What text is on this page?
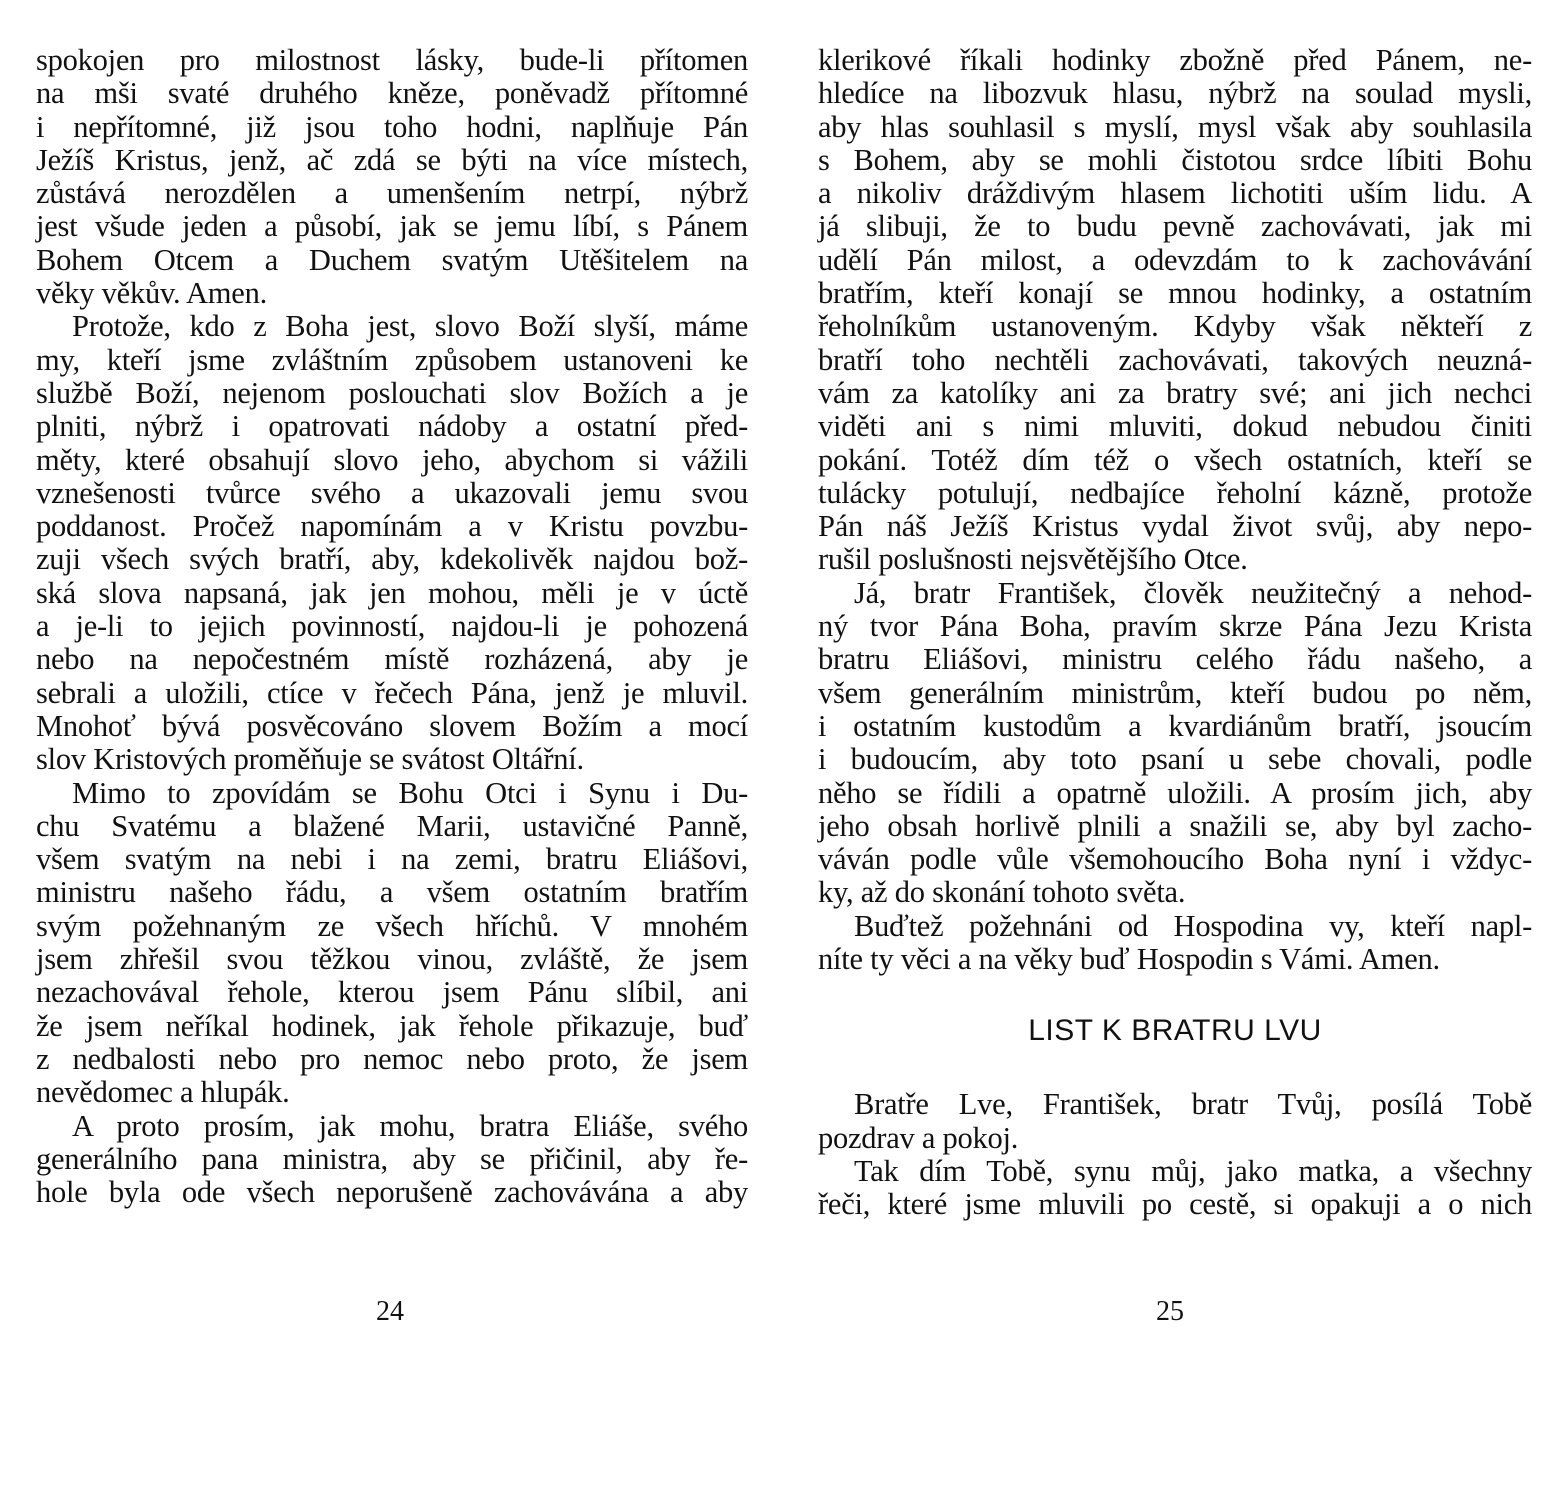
spokojen pro milostnost lásky, bude-li přítomen
na mši svaté druhého kněze, poněvadž přítomné
i nepřítomné, již jsou toho hodni, naplňuje Pán
Ježíš Kristus, jenž, ač zdá se býti na více místech,
zůstává nerozdělen a umenšením netrpí, nýbrž
jest všude jeden a působí, jak se jemu líbí, s Pánem
Bohem Otcem a Duchem svatým Utěšitelem na
věky věkův. Amen.

Protože, kdo z Boha jest, slovo Boží slyší, máme
my, kteří jsme zvláštním způsobem ustanoveni ke
službě Boží, nejenom poslouchati slov Božích a je
plniti, nýbrž i opatrovati nádoby a ostatní před-
měty, které obsahují slovo jeho, abychom si vážili
vznešenosti tvůrce svého a ukazovali jemu svou
poddanost. Pročež napomínám a v Kristu povzbu-
zuji všech svých bratří, aby, kdekolivěk najdou bož-
ská slova napsaná, jak jen mohou, měli je v úctě
a je-li to jejich povinností, najdou-li je pohozená
nebo na nepočestném místě rozházená, aby je
sebrali a uložili, ctíce v řečech Pána, jenž je mluvil.
Mnohoť bývá posvěcováno slovem Božím a mocí
slov Kristových proměňuje se svátost Oltářní.

Mimo to zpovídám se Bohu Otci i Synu i Du-
chu Svatému a blažené Marii, ustavičné Panně,
všem svatým na nebi i na zemi, bratru Eliášovi,
ministru našeho řádu, a všem ostatním bratřím
svým požehnaným ze všech hříchů. V mnohém
jsem zhřešil svou těžkou vinou, zvláště, že jsem
nezachovával řehole, kterou jsem Pánu slíbil, ani
že jsem neříkal hodinek, jak řehole přikazuje, buď
z nedbalosti nebo pro nemoc nebo proto, že jsem
nevědomec a hlupák.

A proto prosím, jak mohu, bratra Eliáše, svého
generálního pana ministra, aby se přičinil, aby ře-
hole byla ode všech neporušeně zachovávána a aby

klerikové říkali hodinky zbožně před Pánem, ne-
hledíce na libozvuk hlasu, nýbrž na soulad mysli,
aby hlas souhlasil s myslí, mysl však aby souhlasila
s Bohem, aby se mohli čistotou srdce líbiti Bohu
a nikoliv dráždivým hlasem lichotiti uším lidu. A
já slibuji, že to budu pevně zachovávati, jak mi
udělí Pán milost, a odevzdám to k zachovávání
bratřím, kteří konají se mnou hodinky, a ostatním
řeholníkům ustanoveným. Kdyby však někteří z
bratří toho nechtěli zachovávati, takových neuzná-
vám za katolíky ani za bratry své; ani jich nechci
viděti ani s nimi mluviti, dokud nebudou činiti
pokání. Totéž dím též o všech ostatních, kteří se
tulácky potulují, nedbajíce řeholní kázně, protože
Pán náš Ježíš Kristus vydal život svůj, aby nepo-
rušil poslušnosti nejsvětějšího Otce.

Já, bratr František, člověk neužitečný a nehod-
ný tvor Pána Boha, pravím skrze Pána Jezu Krista
bratru Eliášovi, ministru celého řádu našeho, a
všem generálním ministrům, kteří budou po něm,
i ostatním kustodům a kvardiánům bratří, jsoucím
i budoucím, aby toto psaní u sebe chovali, podle
něho se řídili a opatrně uložili. A prosím jich, aby
jeho obsah horlivě plnili a snažili se, aby byl zacho-
váván podle vůle všemohoucího Boha nyní i vždyc-
ky, až do skonání tohoto světa.

Buďtež požehnáni od Hospodina vy, kteří napl-
níte ty věci a na věky buď Hospodin s Vámi. Amen.

LIST K BRATRU LVU

Bratře Lve, František, bratr Tvůj, posílá Tobě
pozdrav a pokoj.

Tak dím Tobě, synu můj, jako matka, a všechny
řeči, které jsme mluvili po cestě, si opakuji a o nich

24	25
